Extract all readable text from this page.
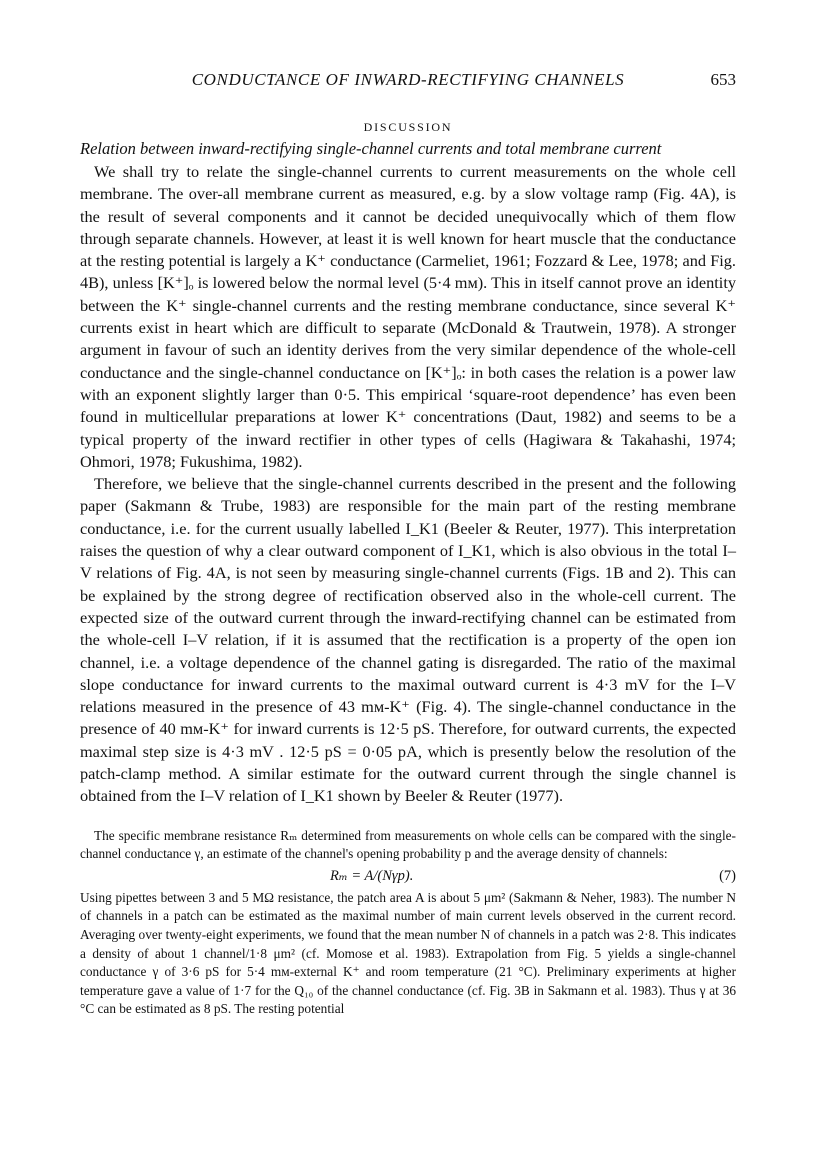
CONDUCTANCE OF INWARD-RECTIFYING CHANNELS	653
DISCUSSION
Relation between inward-rectifying single-channel currents and total membrane current

We shall try to relate the single-channel currents to current measurements on the whole cell membrane. The over-all membrane current as measured, e.g. by a slow voltage ramp (Fig. 4A), is the result of several components and it cannot be decided unequivocally which of them flow through separate channels. However, at least it is well known for heart muscle that the conductance at the resting potential is largely a K⁺ conductance (Carmeliet, 1961; Fozzard & Lee, 1978; and Fig. 4B), unless [K⁺]ₒ is lowered below the normal level (5·4 mᴍ). This in itself cannot prove an identity between the K⁺ single-channel currents and the resting membrane conductance, since several K⁺ currents exist in heart which are difficult to separate (McDonald & Trautwein, 1978). A stronger argument in favour of such an identity derives from the very similar dependence of the whole-cell conductance and the single-channel conductance on [K⁺]ₒ: in both cases the relation is a power law with an exponent slightly larger than 0·5. This empirical ‘square-root dependence’ has even been found in multicellular preparations at lower K⁺ concentrations (Daut, 1982) and seems to be a typical property of the inward rectifier in other types of cells (Hagiwara & Takahashi, 1974; Ohmori, 1978; Fukushima, 1982).

Therefore, we believe that the single-channel currents described in the present and the following paper (Sakmann & Trube, 1983) are responsible for the main part of the resting membrane conductance, i.e. for the current usually labelled I_K1 (Beeler & Reuter, 1977). This interpretation raises the question of why a clear outward component of I_K1, which is also obvious in the total I–V relations of Fig. 4A, is not seen by measuring single-channel currents (Figs. 1B and 2). This can be explained by the strong degree of rectification observed also in the whole-cell current. The expected size of the outward current through the inward-rectifying channel can be estimated from the whole-cell I–V relation, if it is assumed that the rectification is a property of the open ion channel, i.e. a voltage dependence of the channel gating is disregarded. The ratio of the maximal slope conductance for inward currents to the maximal outward current is 4·3 mV for the I–V relations measured in the presence of 43 mᴍ-K⁺ (Fig. 4). The single-channel conductance in the presence of 40 mᴍ-K⁺ for inward currents is 12·5 pS. Therefore, for outward currents, the expected maximal step size is 4·3 mV . 12·5 pS = 0·05 pA, which is presently below the resolution of the patch-clamp method. A similar estimate for the outward current through the single channel is obtained from the I–V relation of I_K1 shown by Beeler & Reuter (1977).

The specific membrane resistance Rₘ determined from measurements on whole cells can be compared with the single-channel conductance γ, an estimate of the channel's opening probability p and the average density of channels:

Rₘ = A/(Nγp).	(7)

Using pipettes between 3 and 5 MΩ resistance, the patch area A is about 5 μm² (Sakmann & Neher, 1983). The number N of channels in a patch can be estimated as the maximal number of main current levels observed in the current record. Averaging over twenty-eight experiments, we found that the mean number N of channels in a patch was 2·8. This indicates a density of about 1 channel/1·8 μm² (cf. Momose et al. 1983). Extrapolation from Fig. 5 yields a single-channel conductance γ of 3·6 pS for 5·4 mᴍ-external K⁺ and room temperature (21 °C). Preliminary experiments at higher temperature gave a value of 1·7 for the Q₁₀ of the channel conductance (cf. Fig. 3B in Sakmann et al. 1983). Thus γ at 36 °C can be estimated as 8 pS. The resting potential
